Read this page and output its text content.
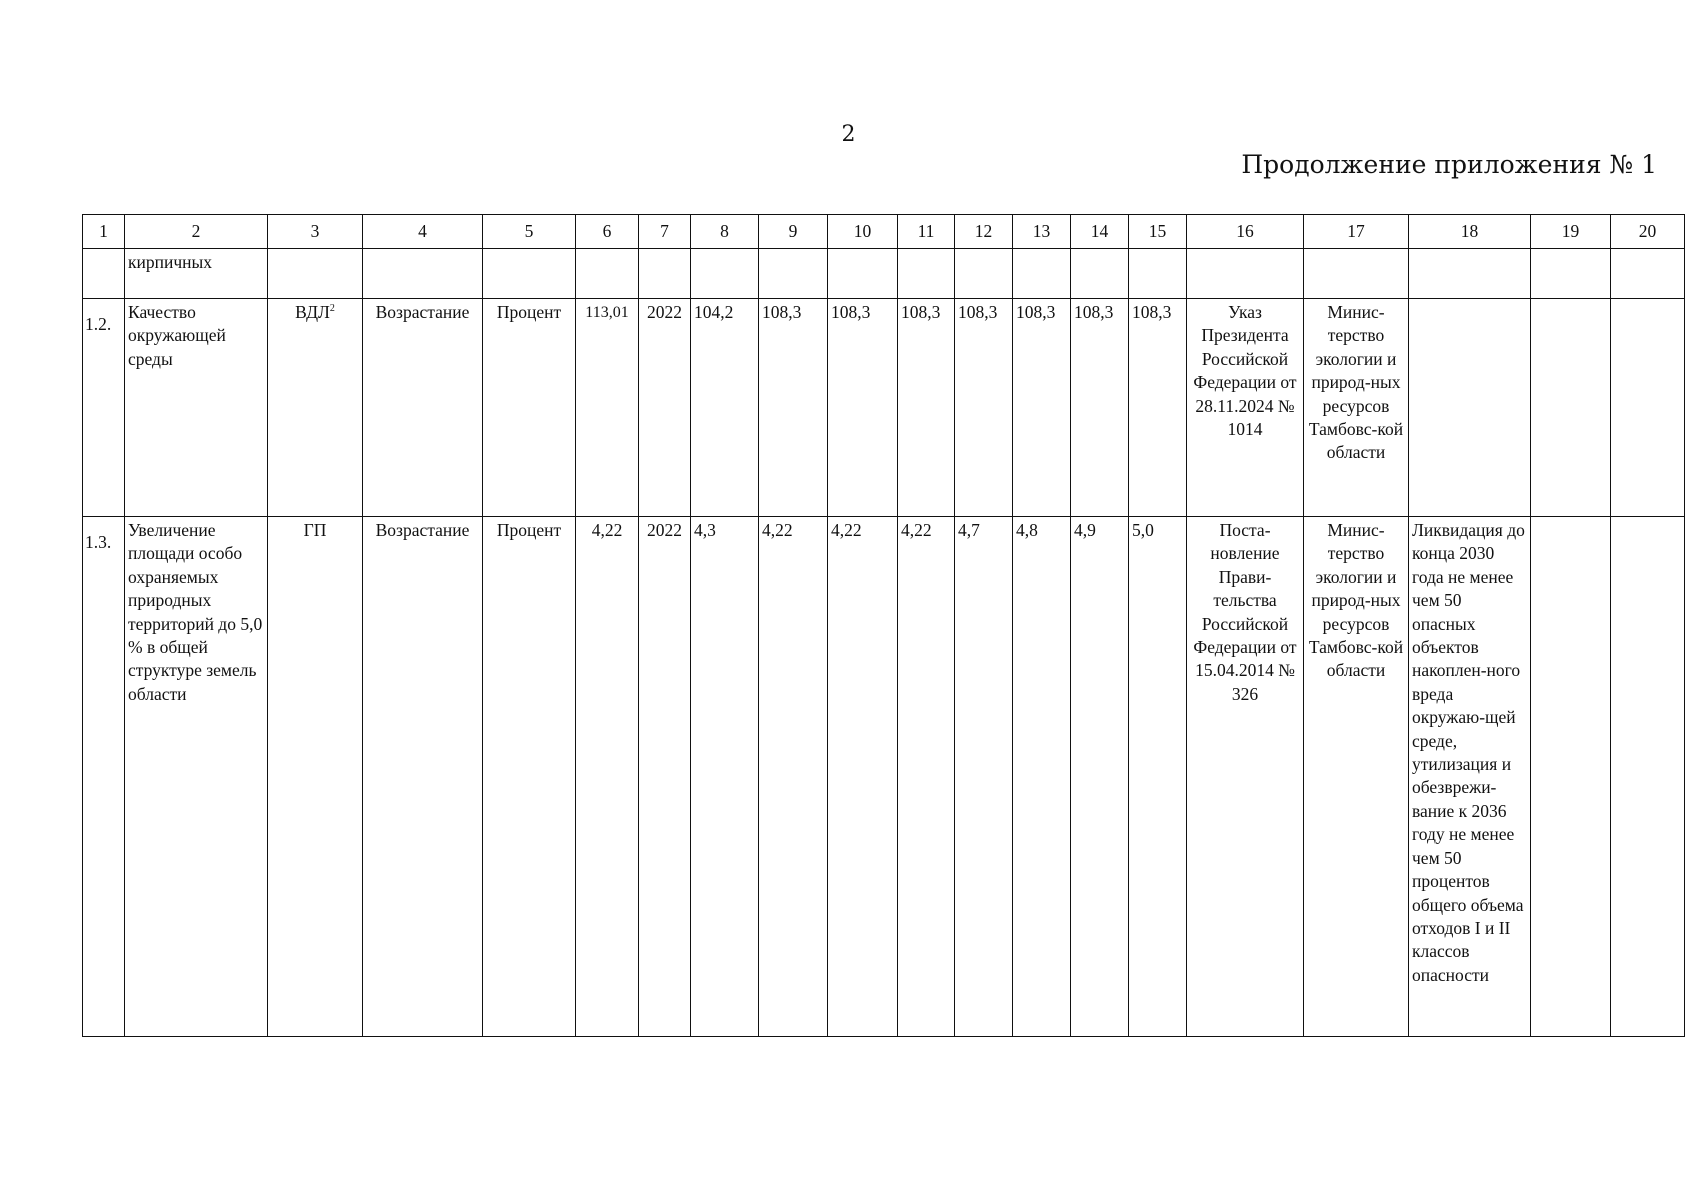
2
Продолжение приложения № 1
1	2	3	4	5	6	7	8	9	10	11	12	13	14	15	16	17	18	19	20
	кирпичных																		
1.2.	Качество окружающей среды	ВДЛ$^2$	Возрастание	Процент	113,01	2022	104,2	108,3	108,3	108,3	108,3	108,3	108,3	108,3	Указ Президента Российской Федерации от 28.11.2024 № 1014	Минис-терство экологии и природ-ных ресурсов Тамбовс-кой области			
1.3.	Увеличение площади особо охраняемых природных территорий до 5,0 % в общей структуре земель области	ГП	Возрастание	Процент	4,22	2022	4,3	4,22	4,22	4,22	4,7	4,8	4,9	5,0	Поста-новление Прави-тельства Российской Федерации от 15.04.2014 № 326	Минис-терство экологии и природ-ных ресурсов Тамбовс-кой области	Ликвидация до конца 2030 года не менее чем 50 опасных объектов накоплен-ного вреда окружаю-щей среде, утилизация и обезврежи-вание к 2036 году не менее чем 50 процентов общего объема отходов I и II классов опасности		
